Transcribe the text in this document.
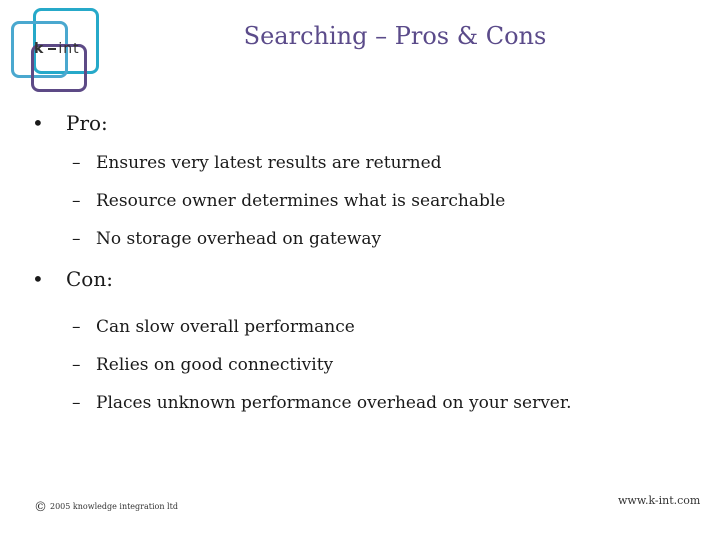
k int	Searching – Pros & Cons
• Pro:
– Ensures very latest results are returned
– Resource owner determines what is searchable
– No storage overhead on gateway
• Con:
– Can slow overall performance
– Relies on good connectivity
– Places unknown performance overhead on your server.
© 2005 knowledge integration ltd	www.k-int.com
